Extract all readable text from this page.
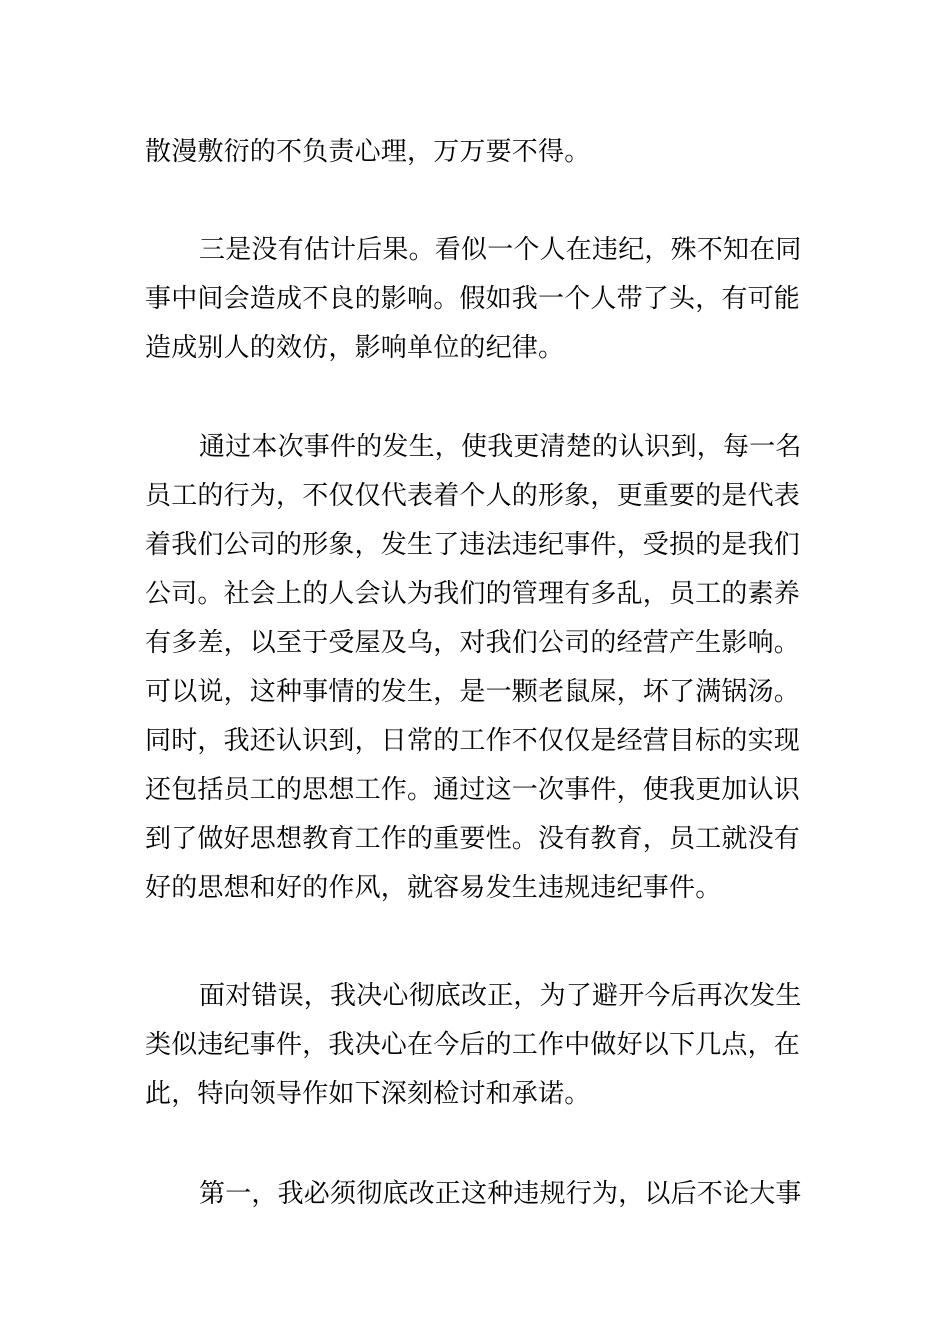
散漫敷衍的不负责心理，万万要不得。
三是没有估计后果。看似一个人在违纪，殊不知在同
事中间会造成不良的影响。假如我一个人带了头，有可能
造成别人的效仿，影响单位的纪律。
通过本次事件的发生，使我更清楚的认识到，每一名
员工的行为，不仅仅代表着个人的形象，更重要的是代表
着我们公司的形象，发生了违法违纪事件，受损的是我们
公司。社会上的人会认为我们的管理有多乱，员工的素养
有多差，以至于受屋及乌，对我们公司的经营产生影响。
可以说，这种事情的发生，是一颗老鼠屎，坏了满锅汤。
同时，我还认识到，日常的工作不仅仅是经营目标的实现
还包括员工的思想工作。通过这一次事件，使我更加认识
到了做好思想教育工作的重要性。没有教育，员工就没有
好的思想和好的作风，就容易发生违规违纪事件。
面对错误，我决心彻底改正，为了避开今后再次发生
类似违纪事件，我决心在今后的工作中做好以下几点，在
此，特向领导作如下深刻检讨和承诺。
第一，我必须彻底改正这种违规行为，以后不论大事
